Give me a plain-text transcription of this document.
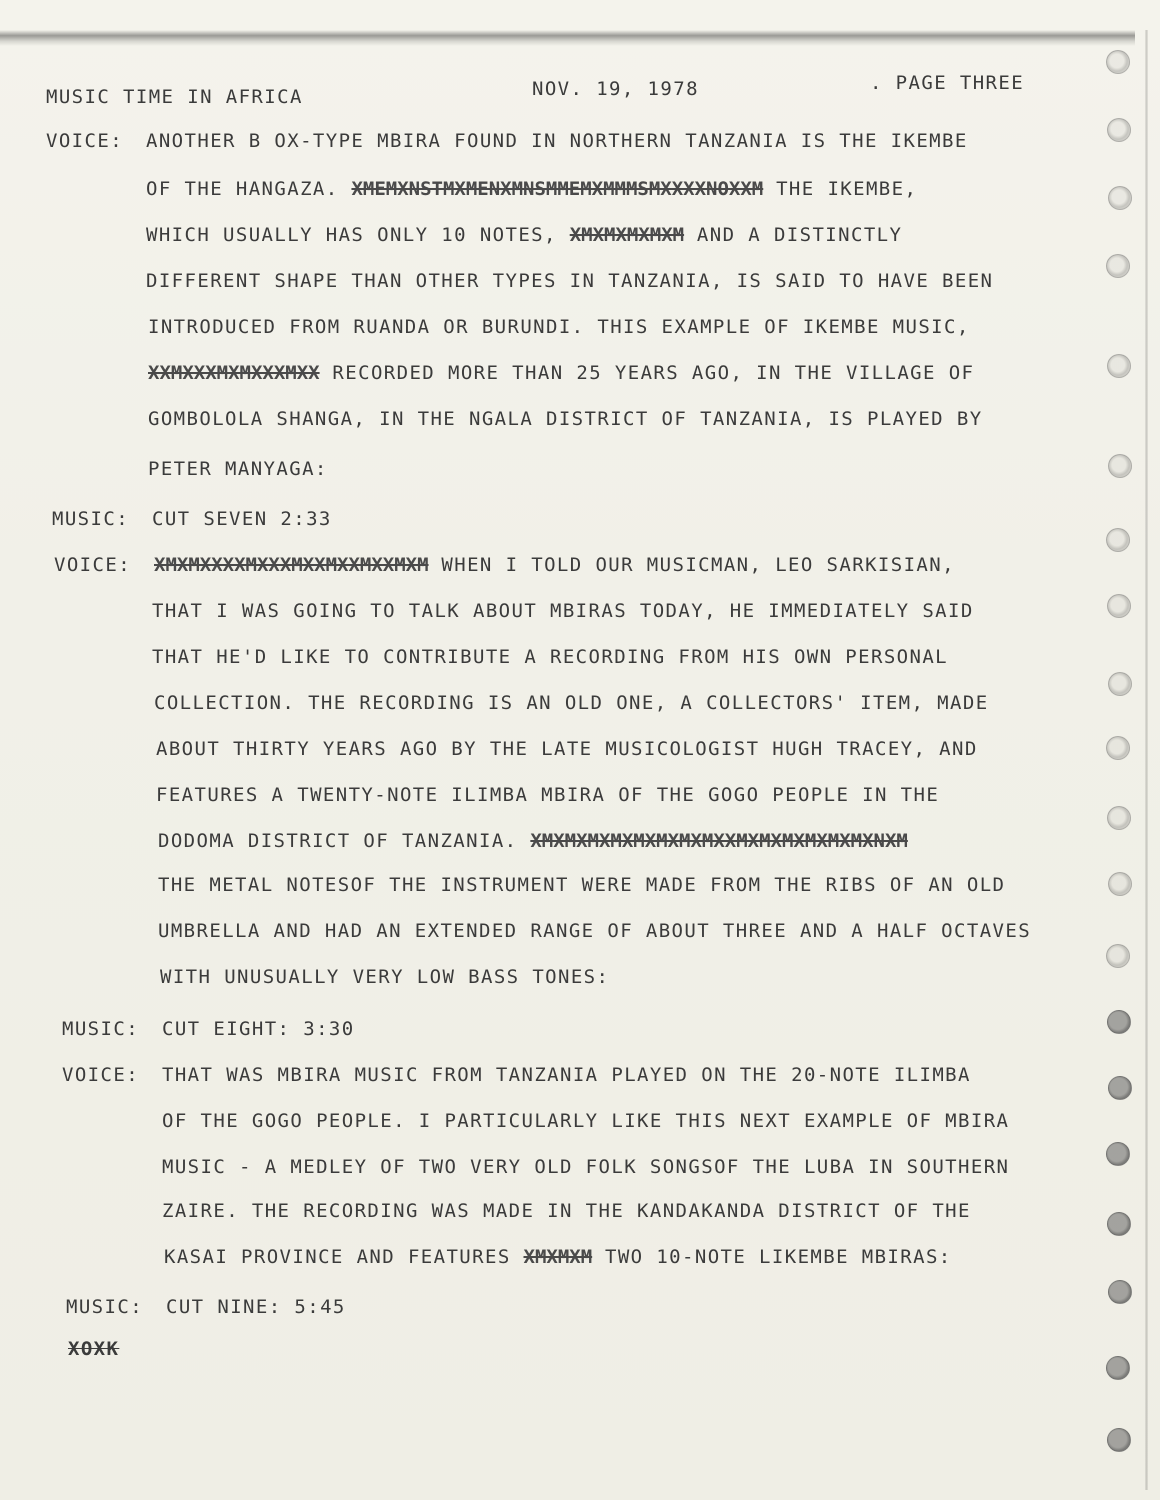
MUSIC TIME IN AFRICA	NOV. 19, 1978	. PAGE THREE
VOICE: ANOTHER B OX-TYPE MBIRA FOUND IN NORTHERN TANZANIA IS THE IKEMBE
OF THE HANGAZA. XMEMXNSTMXMENXMNSMMEMXMMMSMXXXXNOXXM THE IKEMBE,
WHICH USUALLY HAS ONLY 10 NOTES, XMXMXMXMXM AND A DISTINCTLY
DIFFERENT SHAPE THAN OTHER TYPES IN TANZANIA, IS SAID TO HAVE BEEN
INTRODUCED FROM RUANDA OR BURUNDI. THIS EXAMPLE OF IKEMBE MUSIC,
XXMXXXMXMXXXMXX RECORDED MORE THAN 25 YEARS AGO, IN THE VILLAGE OF
GOMBOLOLA SHANGA, IN THE NGALA DISTRICT OF TANZANIA, IS PLAYED BY
PETER MANYAGA:
MUSIC: CUT SEVEN 2:33
VOICE: XMXMXXXXMXXXMXXMXXMXXMXM WHEN I TOLD OUR MUSICMAN, LEO SARKISIAN,
THAT I WAS GOING TO TALK ABOUT MBIRAS TODAY, HE IMMEDIATELY SAID
THAT HE'D LIKE TO CONTRIBUTE A RECORDING FROM HIS OWN PERSONAL
COLLECTION. THE RECORDING IS AN OLD ONE, A COLLECTORS' ITEM, MADE
ABOUT THIRTY YEARS AGO BY THE LATE MUSICOLOGIST HUGH TRACEY, AND
FEATURES A TWENTY-NOTE ILIMBA MBIRA OF THE GOGO PEOPLE IN THE
DODOMA DISTRICT OF TANZANIA. XMXMXMXMXMXMXMXMXXMXMXMXMXMXMXNXM
THE METAL NOTESOF THE INSTRUMENT WERE MADE FROM THE RIBS OF AN OLD
UMBRELLA AND HAD AN EXTENDED RANGE OF ABOUT THREE AND A HALF OCTAVES
WITH UNUSUALLY VERY LOW BASS TONES:
MUSIC: CUT EIGHT: 3:30
VOICE: THAT WAS MBIRA MUSIC FROM TANZANIA PLAYED ON THE 20-NOTE ILIMBA
OF THE GOGO PEOPLE. I PARTICULARLY LIKE THIS NEXT EXAMPLE OF MBIRA
MUSIC - A MEDLEY OF TWO VERY OLD FOLK SONGSOF THE LUBA IN SOUTHERN
ZAIRE. THE RECORDING WAS MADE IN THE KANDAKANDA DISTRICT OF THE
KASAI PROVINCE AND FEATURES XMXMXM TWO 10-NOTE LIKEMBE MBIRAS:
MUSIC: CUT NINE: 5:45
XOXK
